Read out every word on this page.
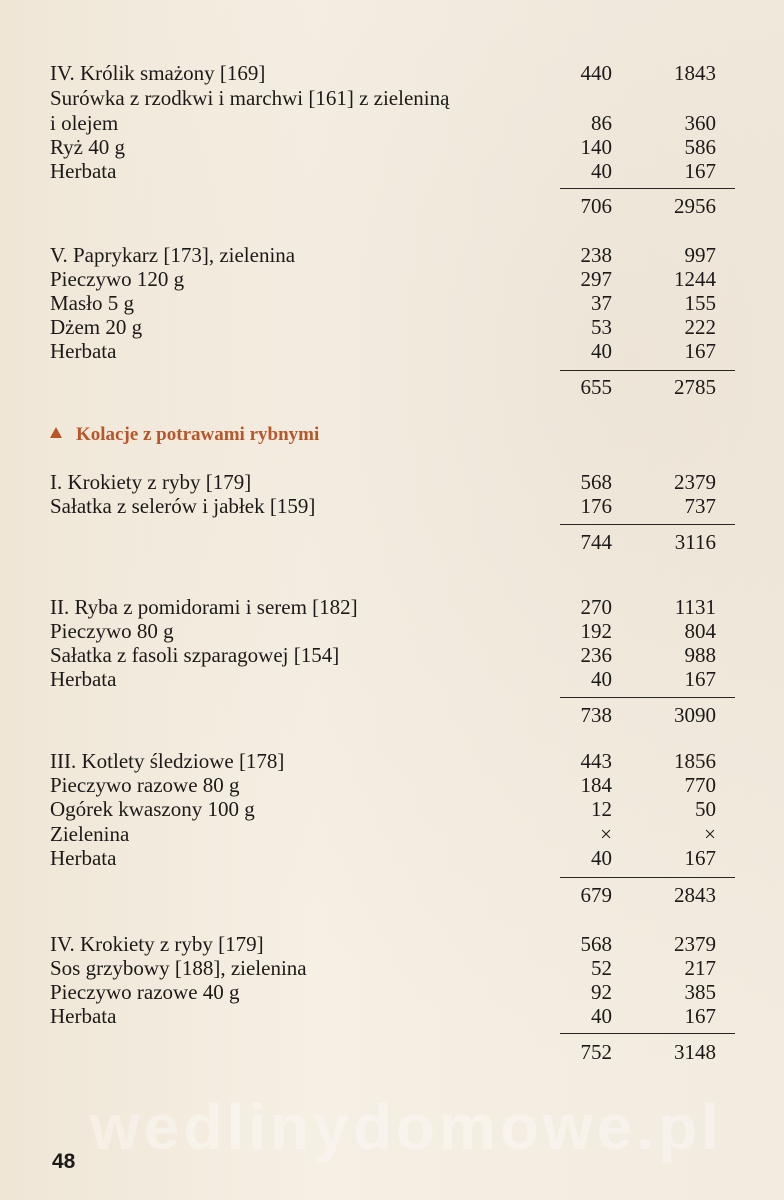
IV. Królik smażony [169]	440	1843
Surówka z rzodkwi i marchwi [161] z zieleniną
i olejem	86	360
Ryż 40 g	140	586
Herbata	40	167
706	2956
V. Paprykarz [173], zielenina	238	997
Pieczywo 120 g	297	1244
Masło 5 g	37	155
Dżem 20 g	53	222
Herbata	40	167
655	2785
Kolacje z potrawami rybnymi
I. Krokiety z ryby [179]	568	2379
Sałatka z selerów i jabłek [159]	176	737
744	3116
II. Ryba z pomidorami i serem [182]	270	1131
Pieczywo 80 g	192	804
Sałatka z fasoli szparagowej [154]	236	988
Herbata	40	167
738	3090
III. Kotlety śledziowe [178]	443	1856
Pieczywo razowe 80 g	184	770
Ogórek kwaszony 100 g	12	50
Zielenina	×	×
Herbata	40	167
679	2843
IV. Krokiety z ryby [179]	568	2379
Sos grzybowy [188], zielenina	52	217
Pieczywo razowe 40 g	92	385
Herbata	40	167
752	3148
wedlinydomowe.pl
48
